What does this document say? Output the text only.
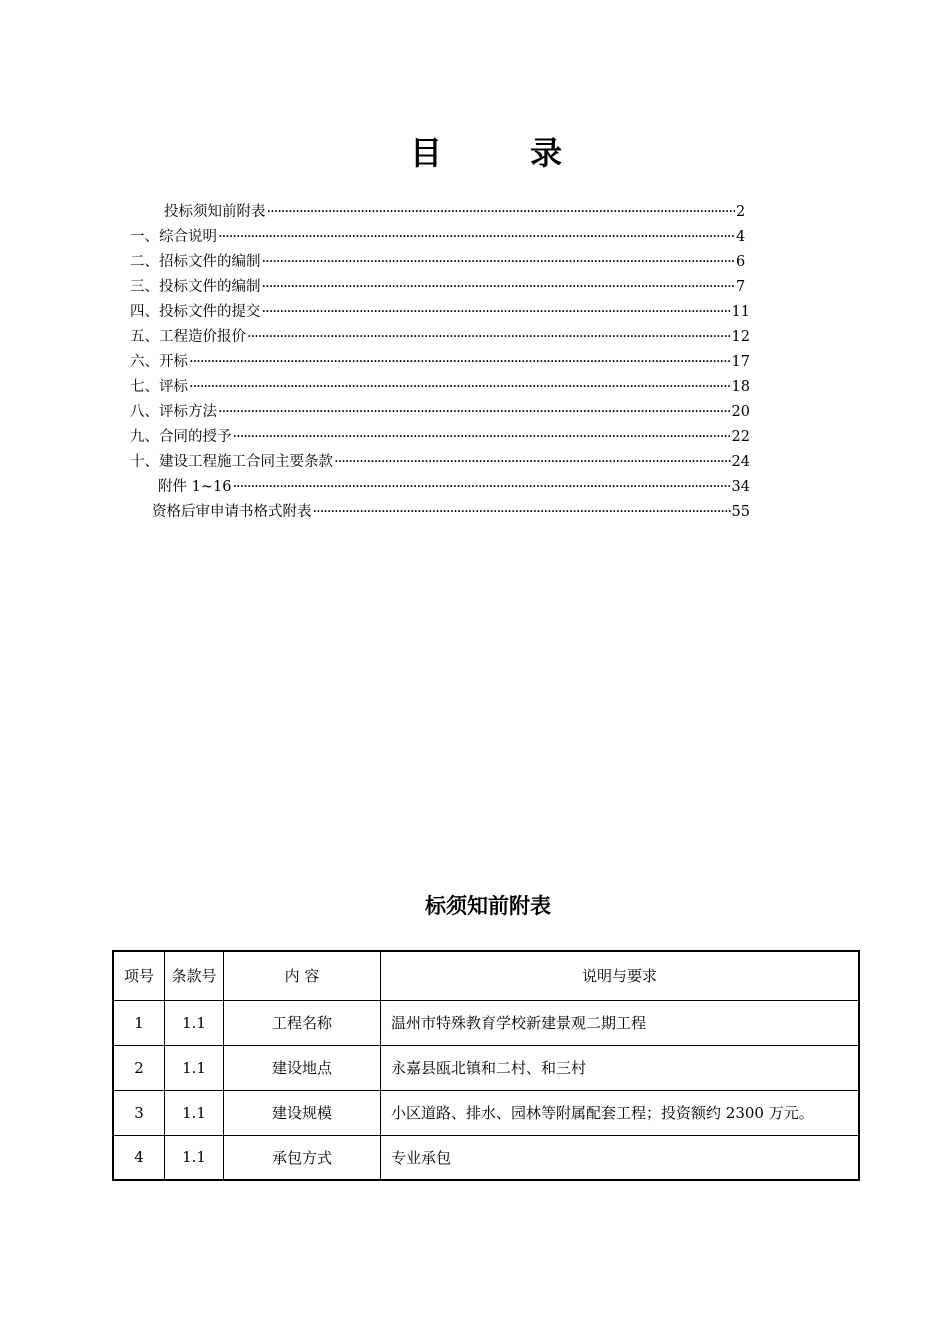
目	录
投标须知前附表 ·····	2
一、 综合说明 ·····	4
二、 招标文件的编制 ·····	6
三、 投标文件的编制 ·····	7
四、 投标文件的提交 ·····	11
五、 工程造价报价 ·····	12
六、 开标 ·····	17
七、 评标 ·····	18
八、 评标方法 ·····	20
九、 合同的授予 ·····	22
十、 建设工程施工合同主要条款 ·····	24
附件 1~16 ·····	34
资格后审申请书格式附表 ·····	55
标须知前附表
项号	条款号	内 容	说明与要求
1	1.1	工程名称	温州市特殊教育学校新建景观二期工程
2	1.1	建设地点	永嘉县瓯北镇和二村、和三村
3	1.1	建设规模	小区道路、排水、园林等附属配套工程；投资额约 2300 万元。
4	1.1	承包方式	专业承包
